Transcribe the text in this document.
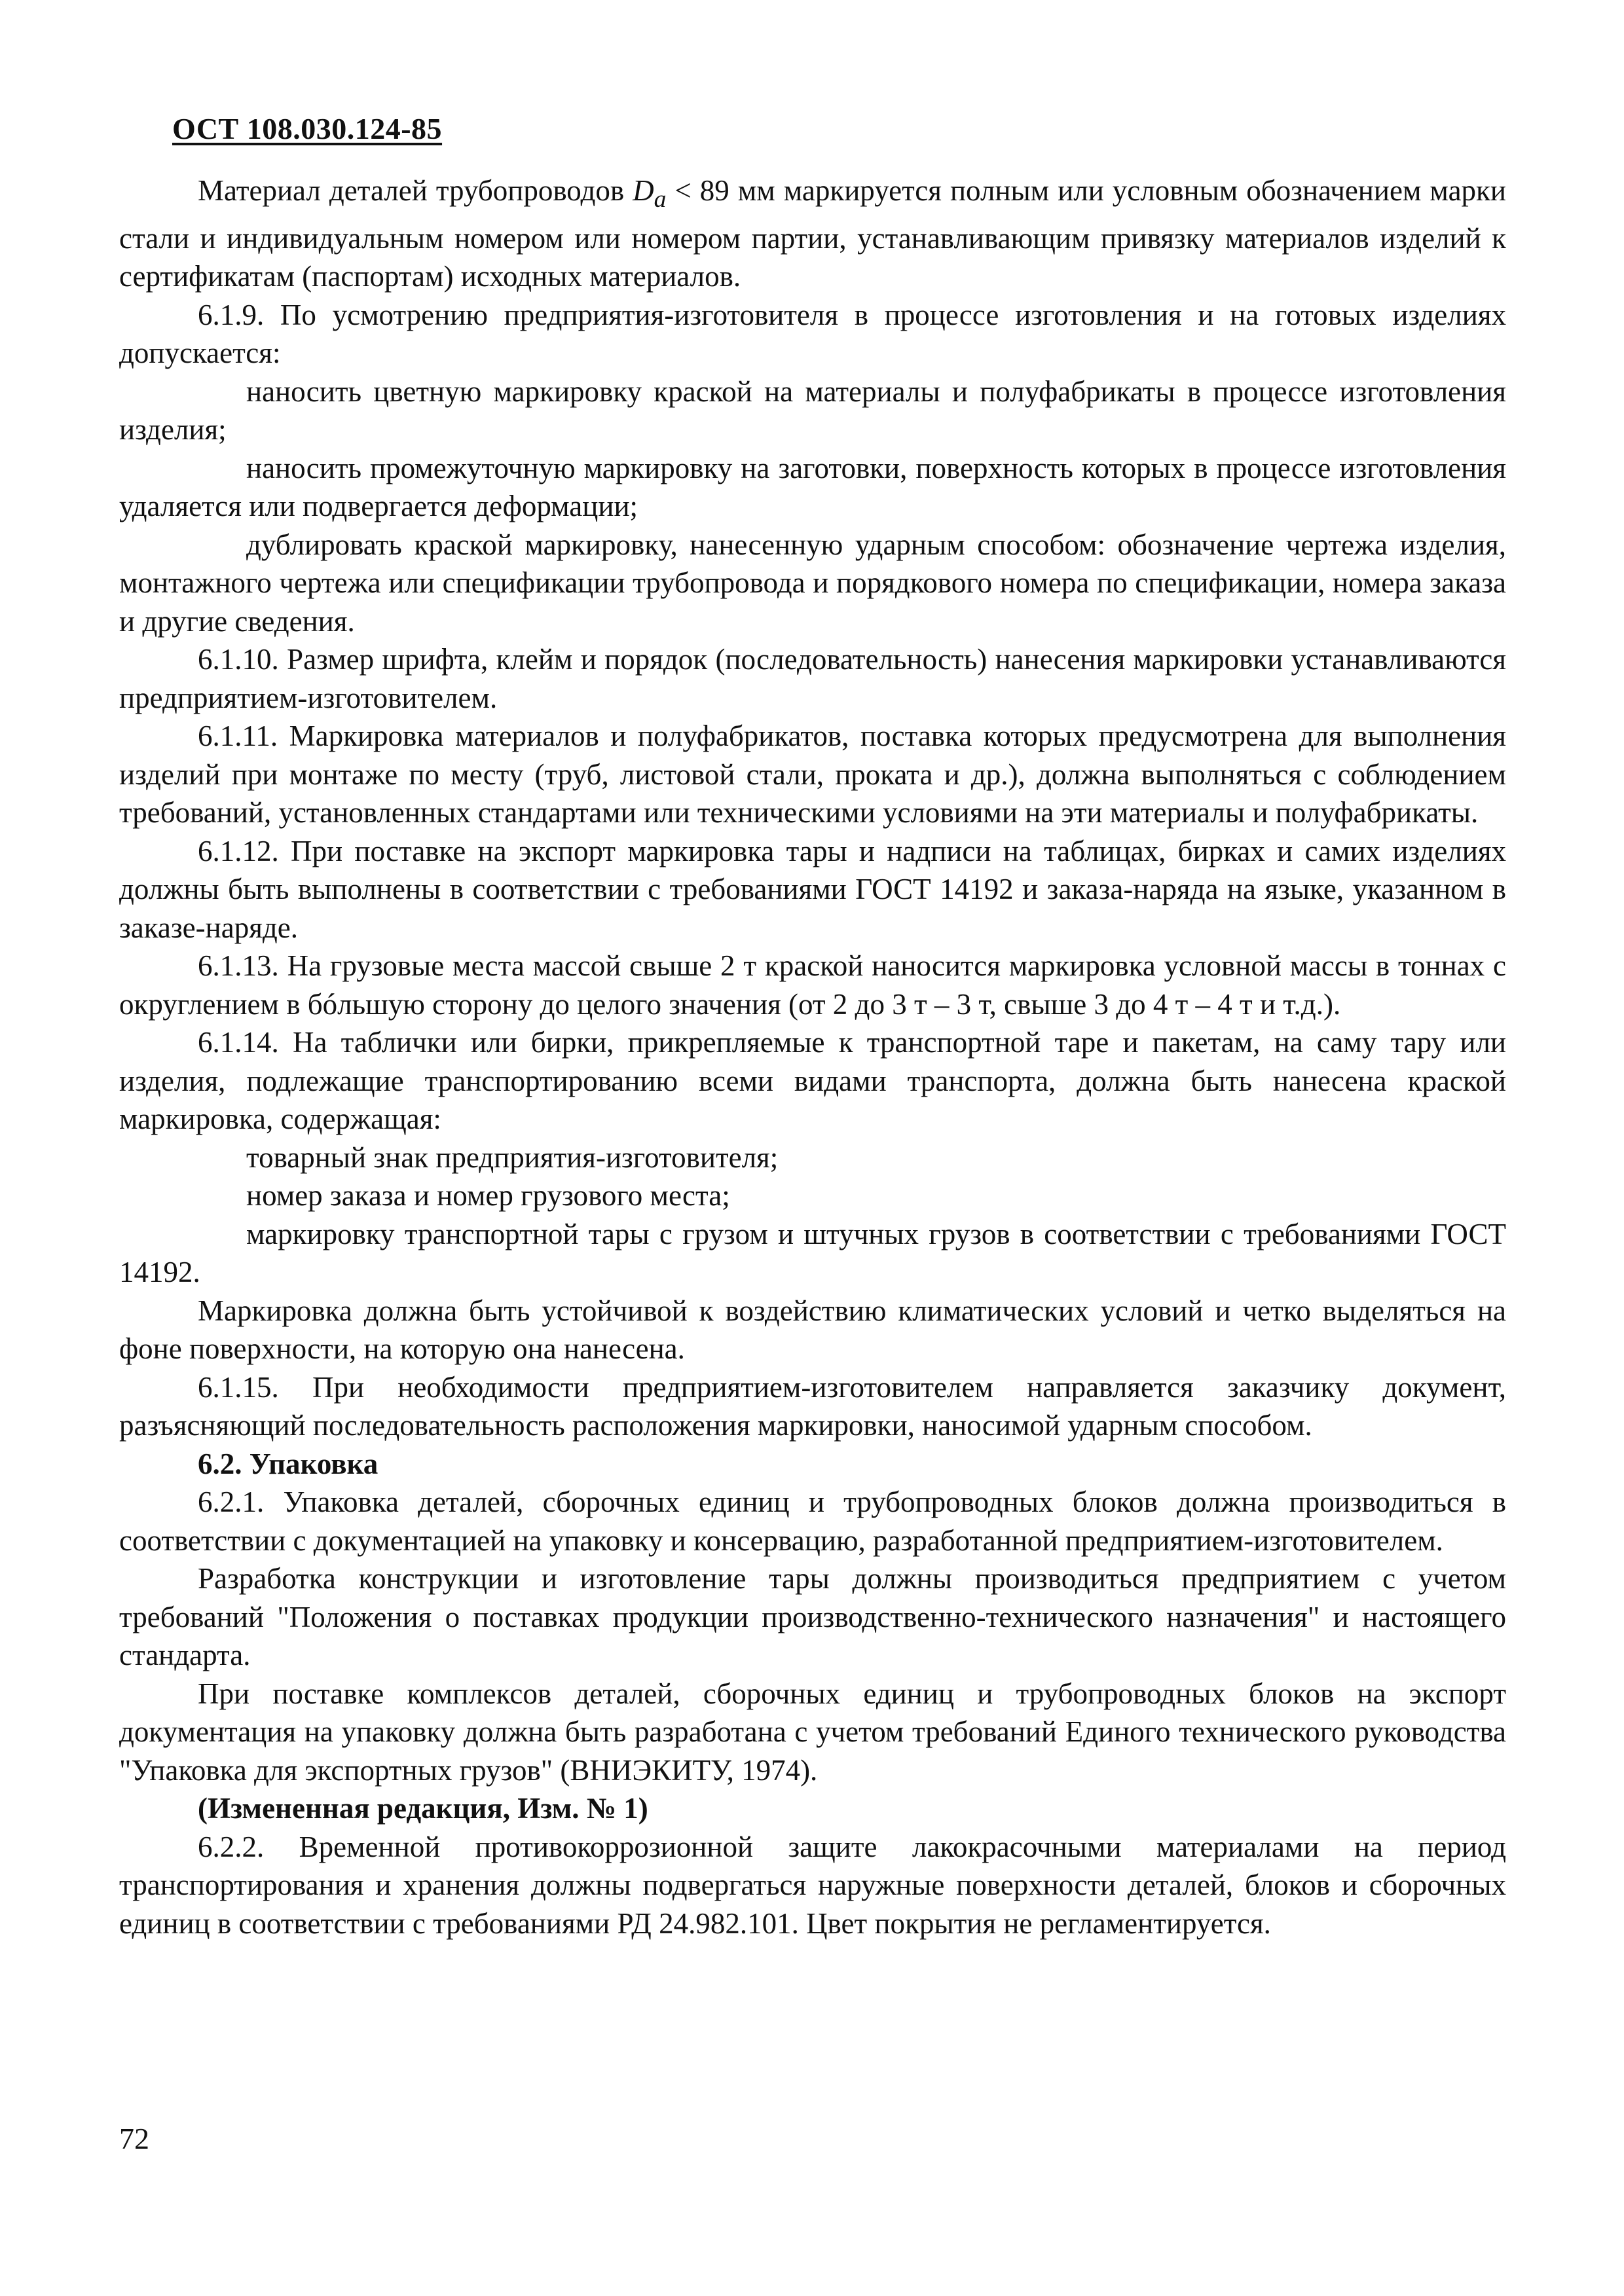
ОСТ 108.030.124-85

Материал деталей трубопроводов $D_a < 89$ мм маркируется полным или условным обозначением марки стали и индивидуальным номером или номером партии, устанавливающим привязку материалов изделий к сертификатам (паспортам) исходных материалов.

6.1.9. По усмотрению предприятия-изготовителя в процессе изготовления и на готовых изделиях допускается:

наносить цветную маркировку краской на материалы и полуфабрикаты в процессе изготовления изделия;

наносить промежуточную маркировку на заготовки, поверхность которых в процессе изготовления удаляется или подвергается деформации;

дублировать краской маркировку, нанесенную ударным способом: обозначение чертежа изделия, монтажного чертежа или спецификации трубопровода и порядкового номера по спецификации, номера заказа и другие сведения.

6.1.10. Размер шрифта, клейм и порядок (последовательность) нанесения маркировки устанавливаются предприятием-изготовителем.

6.1.11. Маркировка материалов и полуфабрикатов, поставка которых предусмотрена для выполнения изделий при монтаже по месту (труб, листовой стали, проката и др.), должна выполняться с соблюдением требований, установленных стандартами или техническими условиями на эти материалы и полуфабрикаты.

6.1.12. При поставке на экспорт маркировка тары и надписи на таблицах, бирках и самих изделиях должны быть выполнены в соответствии с требованиями ГОСТ 14192 и заказа-наряда на языке, указанном в заказе-наряде.

6.1.13. На грузовые места массой свыше 2 т краской наносится маркировка условной массы в тоннах с округлением в бóльшую сторону до целого значения (от 2 до 3 т – 3 т, свыше 3 до 4 т – 4 т и т.д.).

6.1.14. На таблички или бирки, прикрепляемые к транспортной таре и пакетам, на саму тару или изделия, подлежащие транспортированию всеми видами транспорта, должна быть нанесена краской маркировка, содержащая:

товарный знак предприятия-изготовителя;

номер заказа и номер грузового места;

маркировку транспортной тары с грузом и штучных грузов в соответствии с требованиями ГОСТ 14192.

Маркировка должна быть устойчивой к воздействию климатических условий и четко выделяться на фоне поверхности, на которую она нанесена.

6.1.15. При необходимости предприятием-изготовителем направляется заказчику документ, разъясняющий последовательность расположения маркировки, наносимой ударным способом.

6.2. Упаковка

6.2.1. Упаковка деталей, сборочных единиц и трубопроводных блоков должна производиться в соответствии с документацией на упаковку и консервацию, разработанной предприятием-изготовителем.

Разработка конструкции и изготовление тары должны производиться предприятием с учетом требований "Положения о поставках продукции производственно-технического назначения" и настоящего стандарта.

При поставке комплексов деталей, сборочных единиц и трубопроводных блоков на экспорт документация на упаковку должна быть разработана с учетом требований Единого технического руководства "Упаковка для экспортных грузов" (ВНИЭКИТУ, 1974).

(Измененная редакция, Изм. № 1)

6.2.2. Временной противокоррозионной защите лакокрасочными материалами на период транспортирования и хранения должны подвергаться наружные поверхности деталей, блоков и сборочных единиц в соответствии с требованиями РД 24.982.101. Цвет покрытия не регламентируется.

72
